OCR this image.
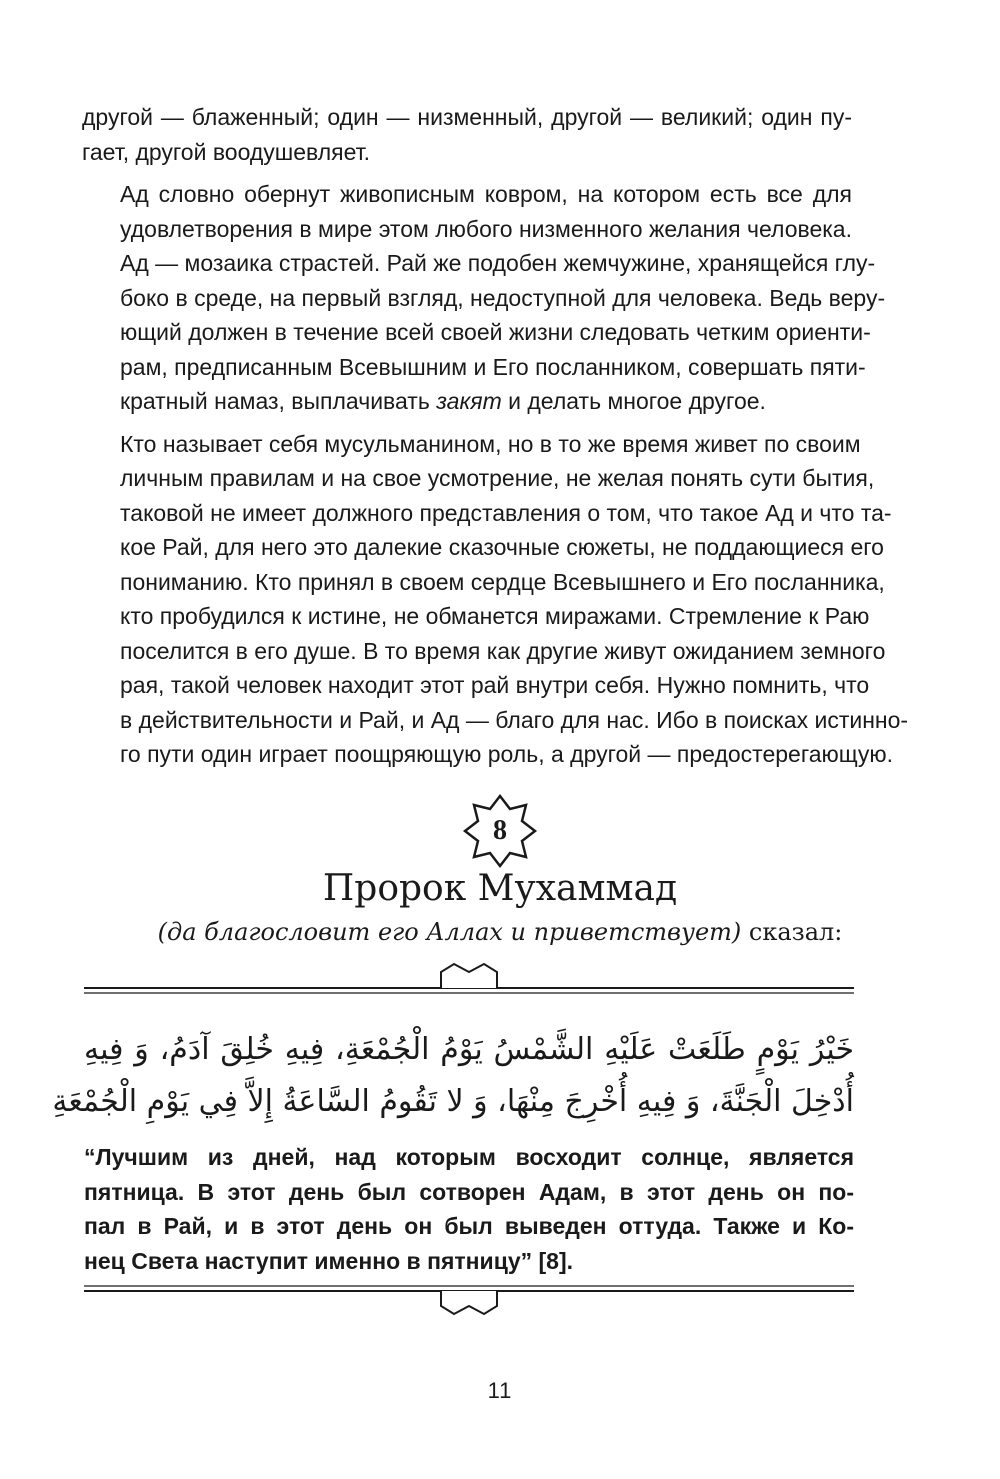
другой — блаженный; один — низменный, другой — великий; один пу-
гает, другой воодушевляет.

Ад словно обернут живописным ковром, на котором есть все для
удовлетворения в мире этом любого низменного желания человека.
Ад — мозаика страстей. Рай же подобен жемчужине, хранящейся глу-
боко в среде, на первый взгляд, недоступной для человека. Ведь веру-
ющий должен в течение всей своей жизни следовать четким ориенти-
рам, предписанным Всевышним и Его посланником, совершать пяти-
кратный намаз, выплачивать закят и делать многое другое.

Кто называет себя мусульманином, но в то же время живет по своим
личным правилам и на свое усмотрение, не желая понять сути бытия,
таковой не имеет должного представления о том, что такое Ад и что та-
кое Рай, для него это далекие сказочные сюжеты, не поддающиеся его
пониманию. Кто принял в своем сердце Всевышнего и Его посланника,
кто пробудился к истине, не обманется миражами. Стремление к Раю
поселится в его душе. В то время как другие живут ожиданием земного
рая, такой человек находит этот рай внутри себя. Нужно помнить, что
в действительности и Рай, и Ад — благо для нас. Ибо в поисках истинно-
го пути один играет поощряющую роль, а другой — предостерегающую.

8
Пророк Мухаммад
(да благословит его Аллах и приветствует) сказал:
خَيْرُ يَوْمٍ طَلَعَتْ عَلَيْهِ الشَّمْسُ يَوْمُ الْجُمْعَةِ، فِيهِ خُلِقَ آدَمُ، وَ فِيهِ
أُدْخِلَ الْجَنَّةَ، وَ فِيهِ أُخْرِجَ مِنْهَا، وَ لا تَقُومُ السَّاعَةُ إِلاَّ فِي يَوْمِ الْجُمْعَةِ
“Лучшим из дней, над которым восходит солнце, является
пятница. В этот день был сотворен Адам, в этот день он по-
пал в Рай, и в этот день он был выведен оттуда. Также и Ко-
нец Света наступит именно в пятницу” [8].
11
